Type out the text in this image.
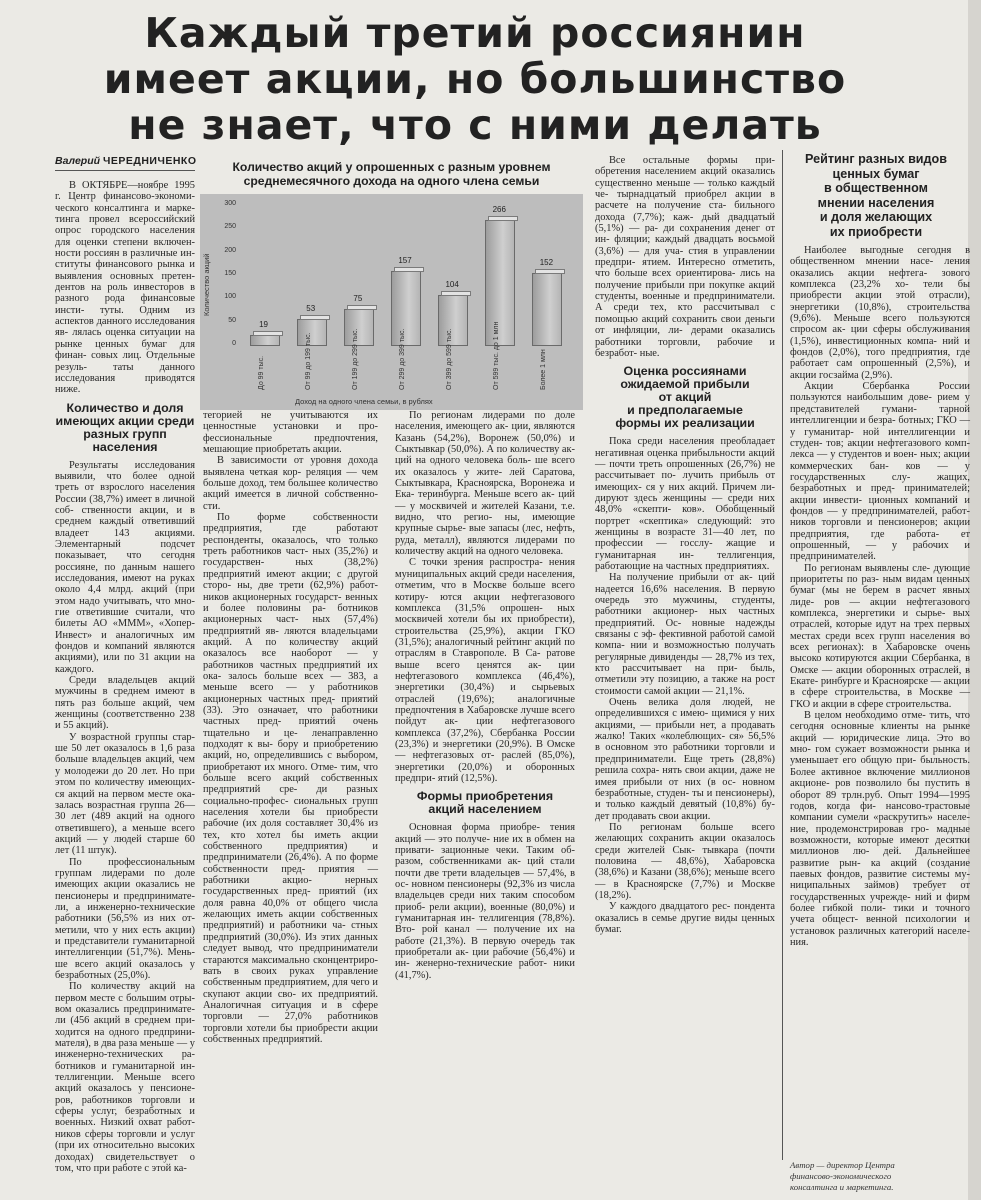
Каждый третий россиянин
имеет акции, но большинство
не знает, что с ними делать
Валерий ЧЕРЕДНИЧЕНКО	Количество акций у опрошенных с разным уровнем
среднемесячного дохода на одного члена семьи
Количество акций
Доход на одного члена семьи, в рублях
0
50
100
150
200
250
300
19
До 99 тыс.
53
От 99 до 199 тыс.
75
От 199 до 299 тыс.
157
От 299 до 399 тыс.
104
От 399 до 599 тыс.
266
От 599 тыс. до 1 млн
152
Более 1 млн

В ОКТЯБРЕ—ноябре 1995 г. Центр финансово-экономи- ческого консалтинга и марке- тинга провел всероссийский опрос городского населения для оценки степени включен- ности россиян в различные ин- ституты финансового рынка и выявления основных претен- дентов на роль инвесторов в разного рода финансовые инсти- туты. Одним из аспектов данного исследования яв- лялась оценка ситуации на рынке ценных бумаг для финан- совых лиц. Отдельные резуль-	таты данного исследования	приводятся ниже.

Количество и доля
имеющих акции среди
разных групп населения

Результаты исследования выявили, что более одной треть от взрослого населения России (38,7%) имеет в личной соб- ственности акции, и в среднем каждый ответивший владеет 143 акциями. Элементарный подсчет показывает, что сегодня россияне, по данным нашего исследования, имеют на руках около 4,4 млрд. акций (при этом надо учитывать, что мно- гие ответившие считали, что билеты АО «МММ», «Хопер- Инвест» и аналогичных им фондов и компаний являются акциями), или по 31 акции на каждого.

Среди владельцев акций мужчины в среднем имеют в пять раз больше акций, чем женщины (соответственно 238 и 55 акций).

У возрастной группы стар- ше 50 лет оказалось в 1,6 раза больше владельцев акций, чем у молодежи до 20 лет. Но при этом по количеству имеющих- ся акций на первом месте ока- залась возрастная группа 26— 30 лет (489 акций на одного ответившего), а меньше всего акций — у людей старше 60 лет (11 штук).

По профессиональным группам лидерами по доле имеющих акции оказались не пенсионеры и предпринимате- ли, а инженерно-технические работники (56,5% из них от- метили, что у них есть акции) и представители гуманитарной интеллигенции (51,7%). Мень- ше всего акций оказалось у безработных (25,0%).

По количеству акций на первом месте с большим отры- вом оказались предпринимате- ли (456 акций в среднем при- ходится на одного предприни- мателя), в два раза меньше — у инженерно-технических ра- ботников и гуманитарной ин- теллигенции. Меньше всего акций оказалось у пенсионе- ров, работников торговли и сферы услуг, безработных и военных. Низкий охват работ- ников сферы торговли и услуг (при их относительно высоких доходах) свидетельствует о том, что при работе с этой ка-

тегорией не учитываются их ценностные установки и про- фессиональные предпочтения, мешающие приобретать акции.

В зависимости от уровня дохода выявлена четкая кор- реляция — чем больше доход, тем большее количество акций имеется в личной собственно- сти.

По форме собственности предприятия, где работают респонденты, оказалось, что только треть работников част- ных (35,2%) и государствен-	ных (38,2%) предприятий имеют акции; с другой сторо- ны, две трети (62,9%) работ- ников акционерных государст- венных и более половины ра- ботников акционерных част- ных (57,4%) предприятий яв- ляются владельцами акций. А по количеству акций оказалось все наоборот — у работников частных предприятий их ока- залось больше всех — 383, а меньше всего — у работников акционерных частных пред- приятий (33). Это означает, что работники частных пред- приятий очень тщательно и це- ленаправленно подходят к вы- бору и приобретению акций, но, определившись с выбором, приобретают их много. Отме- тим, что больше всего акций собственных предприятий сре- ди разных социально-профес- сиональных групп населения хотели бы приобрести рабочие (их доля составляет 30,4% из тех, кто хотел бы иметь акции собственного предприятия) и предприниматели (26,4%). А по форме собственности пред- приятия — работники акцио-	нерных государственных пред- приятий (их доля равна 40,0% от общего числа желающих иметь акции собственных предприятий) и работники ча- стных предприятий (30,0%). Из этих данных следует вывод, что предприниматели стараются максимально сконцентриро- вать в своих руках управление собственным предприятием, для чего и скупают акции сво- их предприятий. Аналогичная ситуация и в сфере торговли — 27,0% работников торговли хотели бы приобрести акции собственных предприятий.

По регионам лидерами по доле населения, имеющего ак- ции, являются Казань (54,2%), Воронеж (50,0%) и Сыктывкар (50,0%). А по количеству ак- ций на одного человека боль- ше всего их оказалось у жите- лей Саратова, Сыктывкара, Красноярска, Воронежа и Ека- теринбурга. Меньше всего ак- ций — у москвичей и жителей Казани, т.е. видно, что регио- ны, имеющие крупные сырье- вые запасы (лес, нефть, руда, металл), являются лидерами по количеству акций на одного человека.

С точки зрения распростра- нения муниципальных акций среди населения, отметим, что в Москве больше всего котиру- ются акции нефтегазового комплекса (31,5% опрошен- ных москвичей хотели бы их приобрести), строительства (25,9%), акции ГКО (31,5%); аналогичный рейтинг акций по отраслям в Ставрополе. В Са- ратове выше всего ценятся ак- ции нефтегазового комплекса (46,4%), энергетики (30,4%) и сырьевых отраслей (19,6%); аналогичные предпочтения в Хабаровске лучше всего пойдут ак- ции нефтегазового комплекса (37,2%), Сбербанка России (23,3%) и энергетики (20,9%). В Омске — нефтегазовых от- раслей (85,0%), энергетики (20,0%) и оборонных предпри- ятий (12,5%).

Формы приобретения
акций населением

Основная форма приобре- тения акций — это получе- ние их в обмен на привати- зационные чеки. Таким об- разом, собственниками ак- ций стали почти две трети владельцев — 57,4%, в ос- новном пенсионеры (92,3% из числа владельцев среди них таким способом приоб- рели акции), военные (80,0%) и гуманитарная ин- теллигенция (78,8%). Вто- рой канал — получение их на работе (21,3%). В первую очередь так приобретали ак- ции рабочие (56,4%) и ин- женерно-технические работ- ники (41,7%).

Все остальные формы при- обретения населением акций оказались существенно меньше — только каждый че- тырнадцатый приобрел акции в расчете на получение ста- бильного дохода (7,7%); каж- дый двадцатый (5,1%) — ра- ди сохранения денег от ин- фляции; каждый двадцать восьмой (3,6%) — для уча- стия в управлении предпри- ятием. Интересно отметить, что больше всех ориентирова- лись на получение прибыли при покупке акций студенты, военные и предприниматели. А среди тех, кто рассчитывал с помощью акций сохранить свои деньги от инфляции, ли- дерами оказались работники торговли, рабочие и безработ- ные.

Оценка россиянами
ожидаемой прибыли
от акций
и предполагаемые
формы их реализации

Пока среди населения преобладает негативная оценка прибыльности акций — почти треть опрошенных (26,7%) не рассчитывает по- лучить прибыль от имеющих- ся у них акций. Причем ли- дируют здесь женщины — среди них 48,0% «скепти- ков». Обобщенный портрет «скептика» следующий: это женщины в возрасте 31—40 лет, по профессии — госслу- жащие и гуманитарная ин- теллигенция, работающие на частных предприятиях.

На получение прибыли от ак- ций надеется 16,6% населения. В первую очередь это мужчины, студенты, работники акционер- ных частных предприятий. Ос- новные надежды связаны с эф- фективной работой самой компа- нии и возможностью получать регулярные дивиденды — 28,7% из тех, кто рассчитывает на при- быль, отметили эту позицию, а также на рост стоимости самой акции — 21,1%.

Очень велика доля людей, не определившихся с имею- щимися у них акциями, — прибыли нет, а продавать жалко! Таких «колеблющих- ся» 56,5% в основном это работники торговли и предприниматели. Еще треть (28,8%) решила сохра- нять свои акции, даже не имея прибыли от них (в ос- новном безработные, студен- ты и пенсионеры), и только каждый девятый (10,8%) бу- дет продавать свои акции.

По регионам больше всего желающих сохранить акции оказалось среди жителей Сык- тывкара (почти половина — 48,6%), Хабаровска (38,6%) и Казани (38,6%); меньше всего — в Красноярске (7,7%) и Москве (18,2%).

У каждого двадцатого рес- пондента оказались в семье другие виды ценных бумаг.

Рейтинг разных видов
ценных бумаг
в общественном
мнении населения
и доля желающих
их приобрести

Наиболее выгодные сегодня в общественном мнении насе- ления оказались акции нефтега- зового комплекса (23,2% хо- тели бы приобрести акции этой отрасли), энергетики (10,8%), строительства (9,6%). Меньше всего пользуются спросом ак- ции сферы обслуживания (1,5%), инвестиционных компа- ний и фондов (2,0%), того предприятия, где работает сам опрошенный (2,5%), и акции госзайма (2,9%).

Акции Сбербанка России пользуются наибольшим дове- рием у представителей гумани- тарной интеллигенции и безра- ботных; ГКО — у гуманитар- ной интеллигенции и студен- тов; акции нефтегазового комп- лекса — у студентов и воен- ных; акции коммерческих бан- ков — у государственных слу-	жащих, безработных и пред- принимателей; акции инвести- ционных компаний и фондов — у предпринимателей, работ- ников торговли и пенсионеров; акции предприятия, где работа- ет опрошенный, — у рабочих и предпринимателей.

По регионам выявлены сле- дующие приоритеты по раз- ным видам ценных бумаг (мы не берем в расчет явных лиде- ров — акции нефтегазового комплекса, энергетики и сырье- вых отраслей, которые идут на трех первых местах среди всех групп населения во всех регионах): в Хабаровске очень высоко котируются акции Сбербанка, в Омске — акции оборонных отраслей, в Екате- ринбурге и Красноярске — акции в сфере строительства, в Москве — ГКО и акции в сфере строительства.

В целом необходимо отме- тить, что сегодня основные клиенты на рынке акций — юридические лица. Это во мно- гом сужает возможности рынка и уменьшает его общую при- быльность. Более активное включение миллионов акционе- ров позволило бы пустить в оборот 89 трлн.руб. Опыт 1994—1995 годов, когда фи- нансово-трастовые компании сумели «раскрутить» населе- ние, продемонстрировав гро- мадные возможности, которые имеют десятки миллионов лю- дей. Дальнейшее развитие рын- ка акций (создание паевых фондов, развитие системы му- ниципальных займов) требует от государственных учрежде- ний и фирм более гибкой поли- тики и точного учета общест- венной психологии и установок различных категорий населе- ния.

Автор — директор Центра
финансово-экономического
консалтинга и маркетинга.
